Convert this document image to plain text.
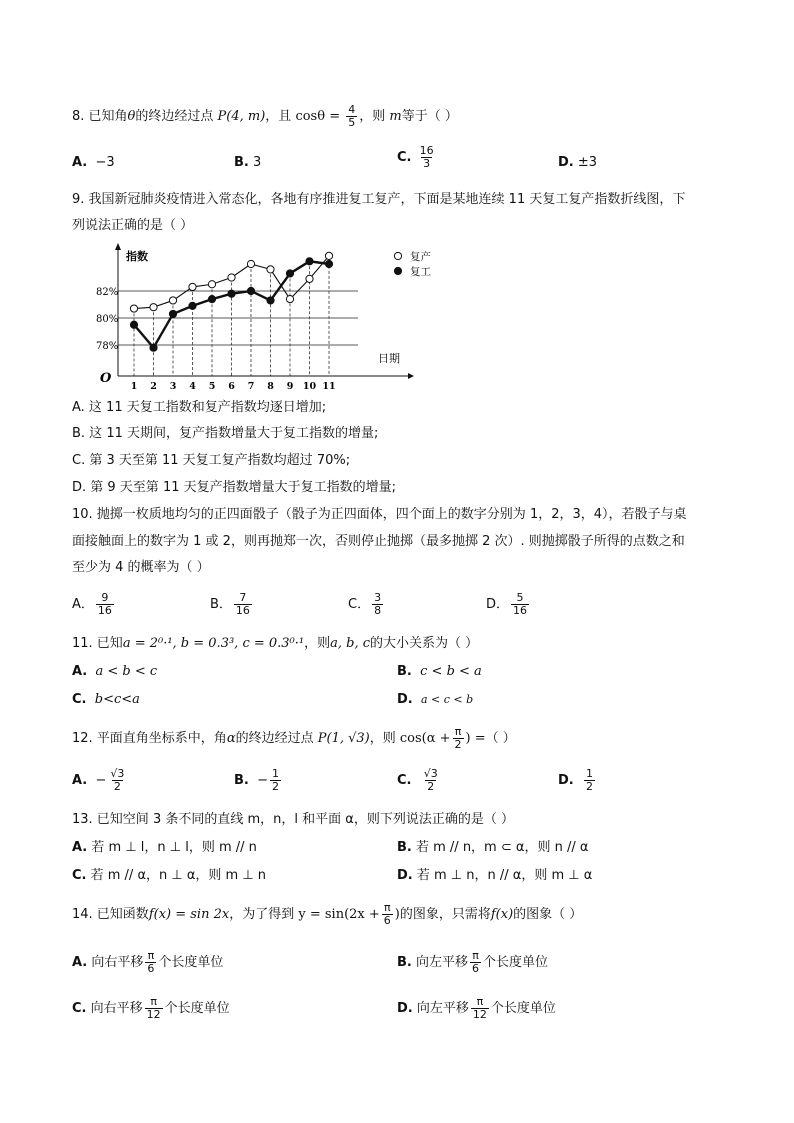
8. 已知角θ的终边经过点 P(4, m)，且 $\cos\theta = \frac{4}{5}$ ，则 m等于（ ）
A. −3	B. 3	C. $\frac{16}{3}$	D. ±3
9. 我国新冠肺炎疫情进入常态化，各地有序推进复工复产，下面是某地连续 11 天复工复产指数折线图，下
列说法正确的是（ ）
82%
80%
78%
1 2 3 4 5 6 7 8 9 10 11
指数
日期
O
复产
复工
A. 这 11 天复工指数和复产指数均逐日增加;
B. 这 11 天期间，复产指数增量大于复工指数的增量;
C. 第 3 天至第 11 天复工复产指数均超过 70%;
D. 第 9 天至第 11 天复产指数增量大于复工指数的增量;
10. 抛掷一枚质地均匀的正四面骰子（骰子为正四面体，四个面上的数字分别为 1，2，3，4），若骰子与桌
面接触面上的数字为 1 或 2，则再抛郑一次，否则停止抛掷（最多抛掷 2 次）. 则抛掷骰子所得的点数之和
至少为 4 的概率为（ ）
A． $\frac{9}{16}$	B． $\frac{7}{16}$	C． $\frac{3}{8}$	D． $\frac{5}{16}$
11. 已知a = 2⁰·¹, b = 0.3³, c = 0.3⁰·¹，则a, b, c的大小关系为（ ）
A. a < b < c	B. c < b < a
C. b<c<a	D. a < c < b
12. 平面直角坐标系中，角α的终边经过点 P(1, √3)，则 $\cos(\alpha + \frac{\pi}{2}$ ) =（ ）
A. − $\frac{√3}{2}$	B. − $\frac{1}{2}$	C. $\frac{√3}{2}$	D. $\frac{1}{2}$
13. 已知空间 3 条不同的直线 m，n，l 和平面 α，则下列说法正确的是（ ）
A. 若 m ⊥ l，n ⊥ l，则 m // n	B. 若 m // n，m ⊂ α，则 n // α
C. 若 m // α，n ⊥ α，则 m ⊥ n	D. 若 m ⊥ n，n // α，则 m ⊥ α
14. 已知函数f(x) = sin 2x，为了得到 $y = \sin(2x + \frac{\pi}{6}$ )的图象，只需将f(x)的图象（ ）
A. 向右平移 $\frac{\pi}{6}$ 个长度单位	B. 向左平移 $\frac{\pi}{6}$ 个长度单位
C. 向右平移 $\frac{\pi}{12}$ 个长度单位	D. 向左平移 $\frac{\pi}{12}$ 个长度单位
